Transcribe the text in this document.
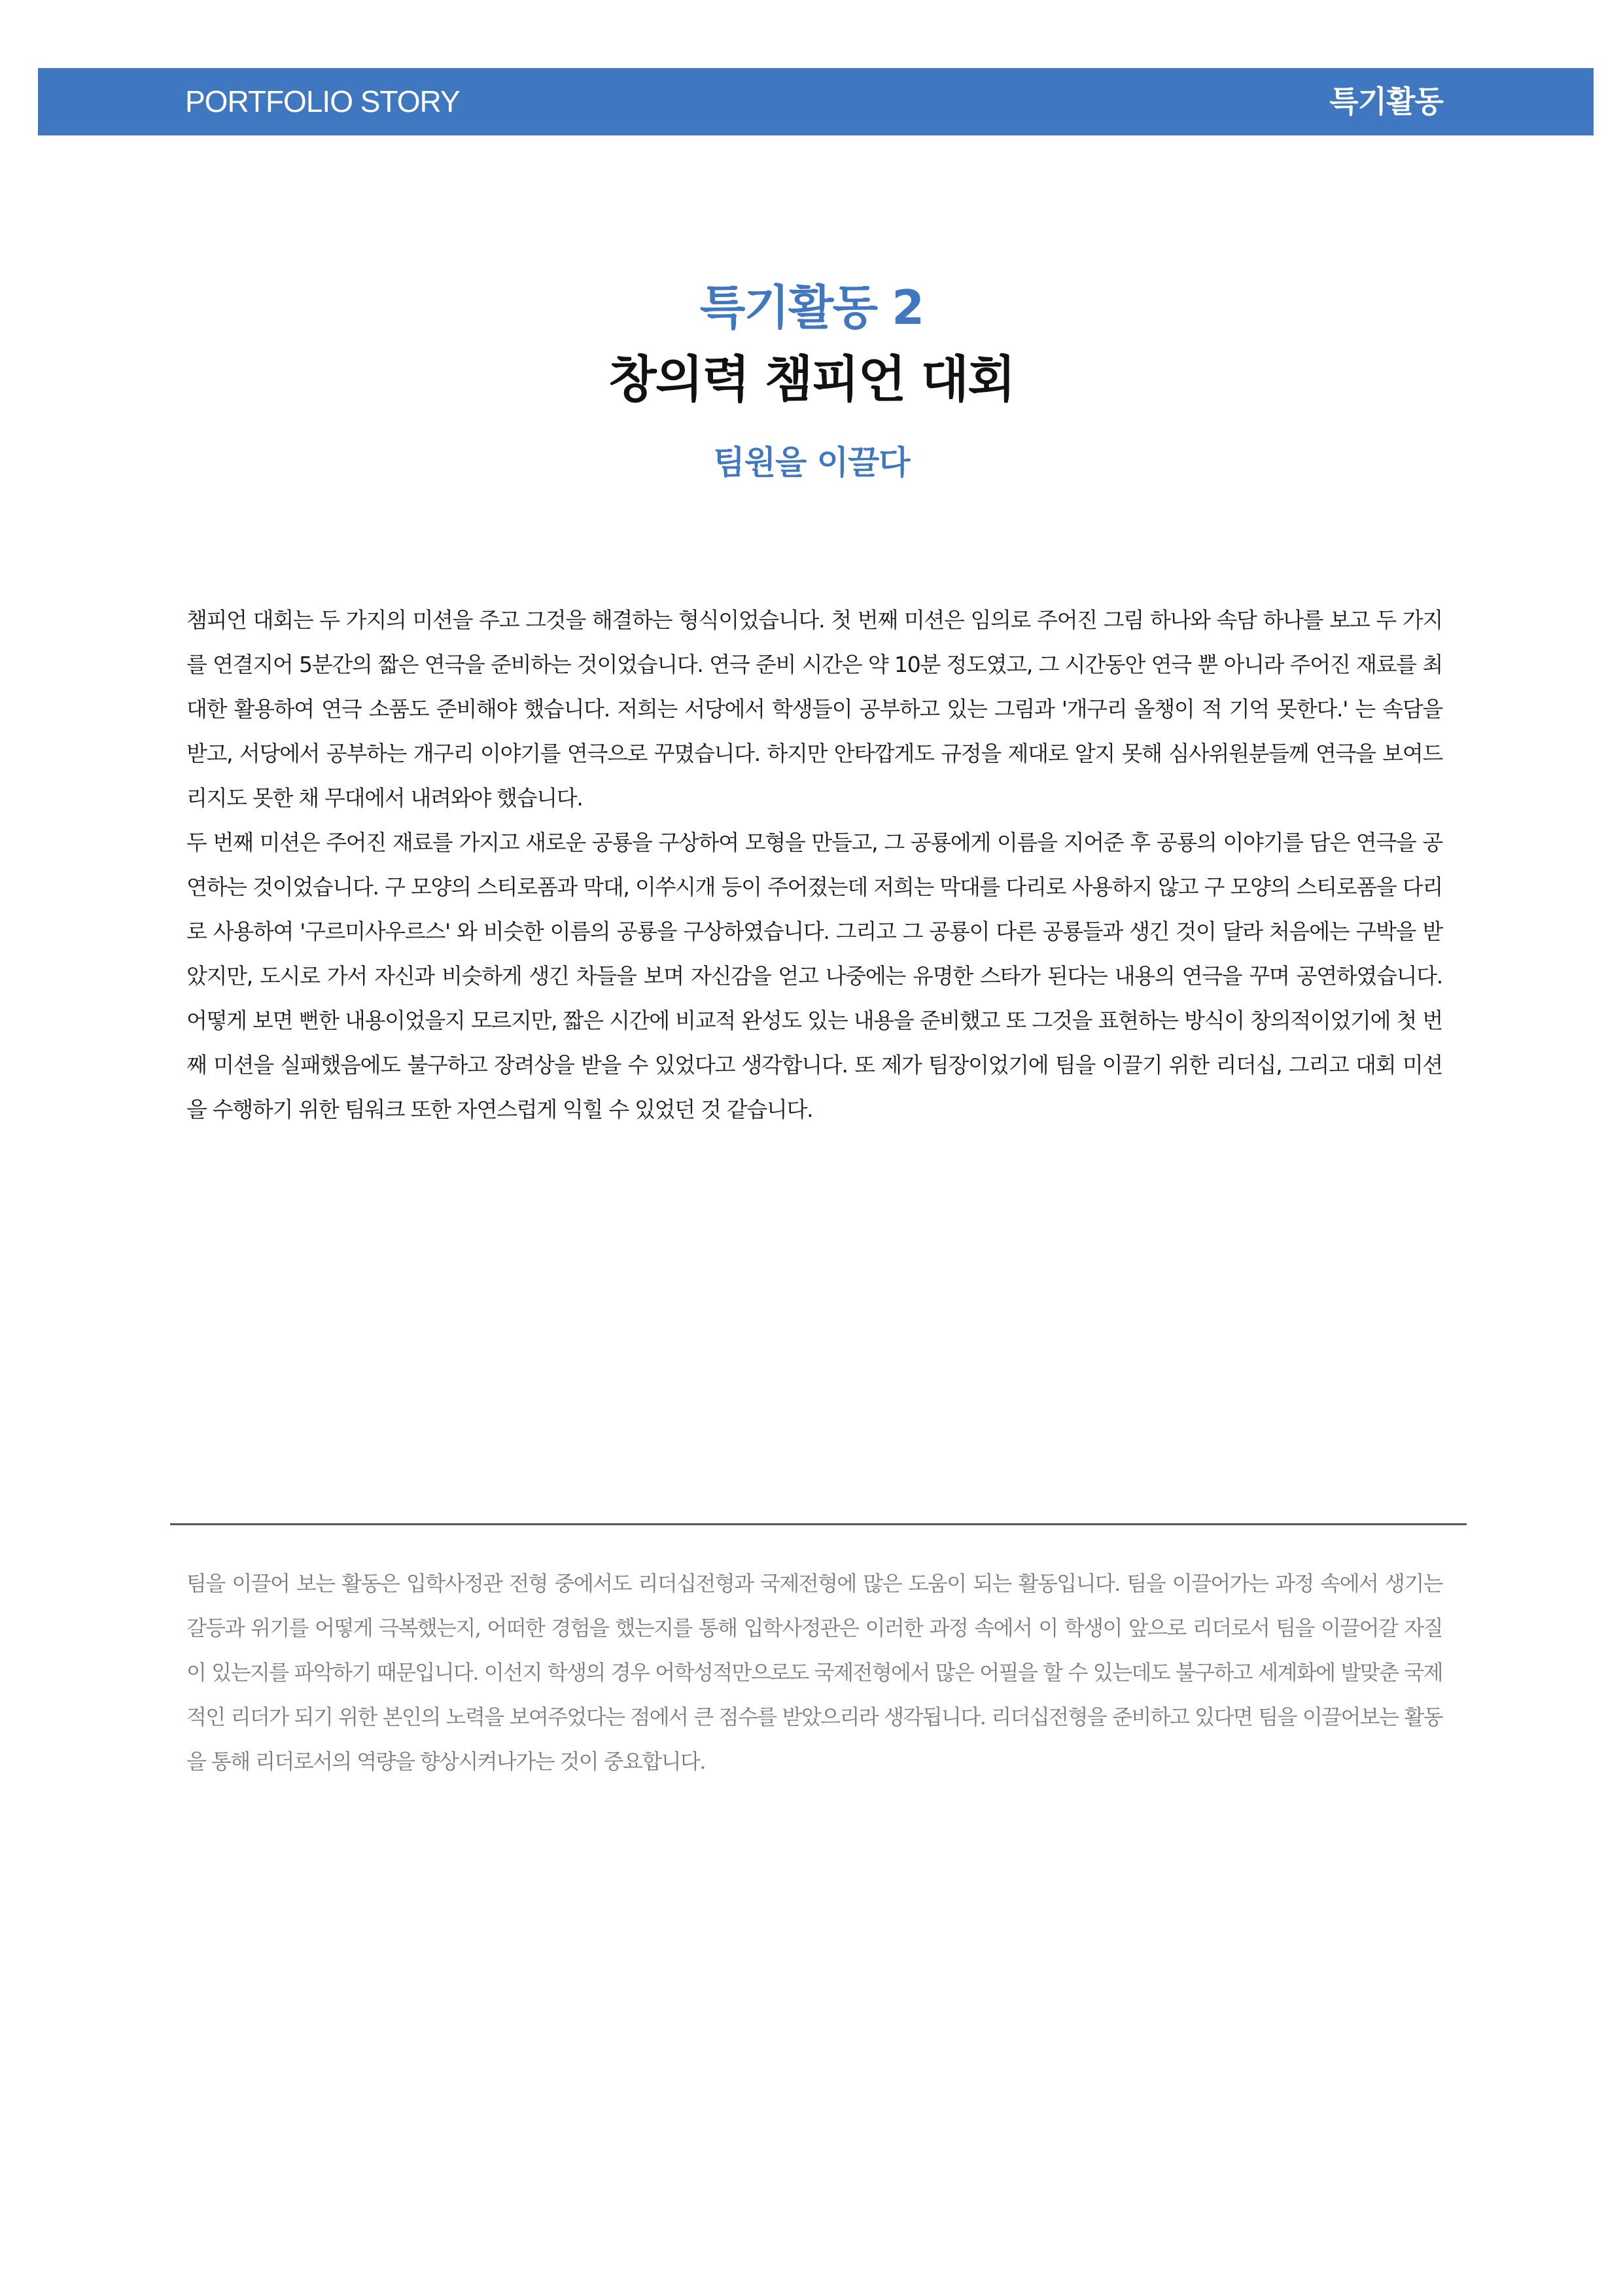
PORTFOLIO STORY	특기활동
특기활동 2
창의력 챔피언 대회
팀원을 이끌다

챔피언 대회는 두 가지의 미션을 주고 그것을 해결하는 형식이었습니다. 첫 번째 미션은 임의로 주어진 그림 하나와 속담 하나를 보고 두 가지를 연결지어 5분간의 짧은 연극을 준비하는 것이었습니다. 연극 준비 시간은 약 10분 정도였고, 그 시간동안 연극 뿐 아니라 주어진 재료를 최대한 활용하여 연극 소품도 준비해야 했습니다. 저희는 서당에서 학생들이 공부하고 있는 그림과 '개구리 올챙이 적 기억 못한다.' 는 속담을 받고, 서당에서 공부하는 개구리 이야기를 연극으로 꾸몄습니다. 하지만 안타깝게도 규정을 제대로 알지 못해 심사위원분들께 연극을 보여드리지도 못한 채 무대에서 내려와야 했습니다.

두 번째 미션은 주어진 재료를 가지고 새로운 공룡을 구상하여 모형을 만들고, 그 공룡에게 이름을 지어준 후 공룡의 이야기를 담은 연극을 공연하는 것이었습니다. 구 모양의 스티로폼과 막대, 이쑤시개 등이 주어졌는데 저희는 막대를 다리로 사용하지 않고 구 모양의 스티로폼을 다리로 사용하여 '구르미사우르스' 와 비슷한 이름의 공룡을 구상하였습니다. 그리고 그 공룡이 다른 공룡들과 생긴 것이 달라 처음에는 구박을 받았지만, 도시로 가서 자신과 비슷하게 생긴 차들을 보며 자신감을 얻고 나중에는 유명한 스타가 된다는 내용의 연극을 꾸며 공연하였습니다. 어떻게 보면 뻔한 내용이었을지 모르지만, 짧은 시간에 비교적 완성도 있는 내용을 준비했고 또 그것을 표현하는 방식이 창의적이었기에 첫 번째 미션을 실패했음에도 불구하고 장려상을 받을 수 있었다고 생각합니다. 또 제가 팀장이었기에 팀을 이끌기 위한 리더십, 그리고 대회 미션을 수행하기 위한 팀워크 또한 자연스럽게 익힐 수 있었던 것 같습니다.

팀을 이끌어 보는 활동은 입학사정관 전형 중에서도 리더십전형과 국제전형에 많은 도움이 되는 활동입니다. 팀을 이끌어가는 과정 속에서 생기는 갈등과 위기를 어떻게 극복했는지, 어떠한 경험을 했는지를 통해 입학사정관은 이러한 과정 속에서 이 학생이 앞으로 리더로서 팀을 이끌어갈 자질이 있는지를 파악하기 때문입니다. 이선지 학생의 경우 어학성적만으로도 국제전형에서 많은 어필을 할 수 있는데도 불구하고 세계화에 발맞춘 국제적인 리더가 되기 위한 본인의 노력을 보여주었다는 점에서 큰 점수를 받았으리라 생각됩니다. 리더십전형을 준비하고 있다면 팀을 이끌어보는 활동을 통해 리더로서의 역량을 향상시켜나가는 것이 중요합니다.
